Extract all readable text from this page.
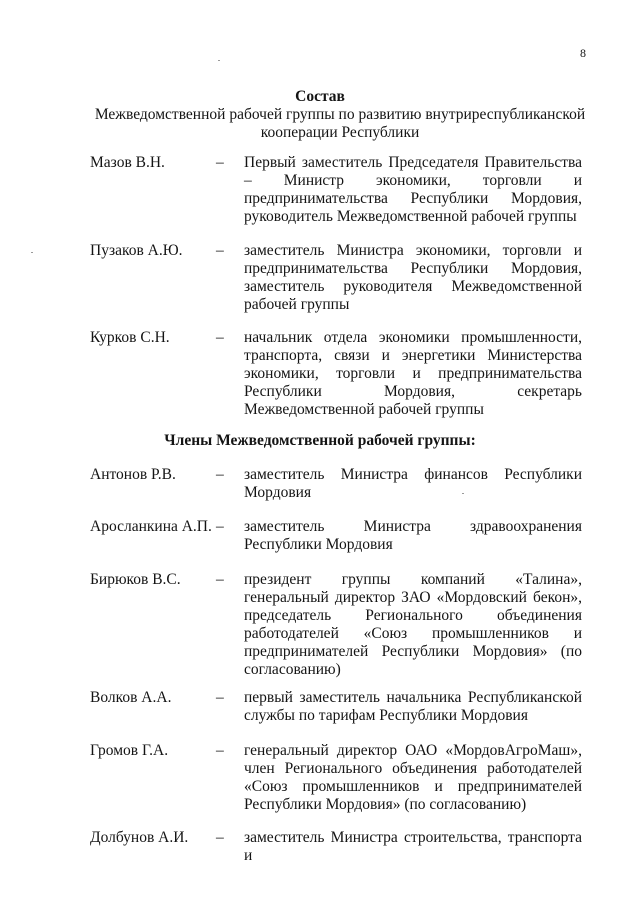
8
Состав
Межведомственной рабочей группы по развитию внутриреспубликанской кооперации Республики
Мазов В.Н.	– Первый заместитель Председателя Правительства – Министр экономики, торговли и предпринимательства Республики Мордовия, руководитель Межведомственной рабочей группы
Пузаков А.Ю. – заместитель Министра экономики, торговли и предпринимательства Республики Мордовия, заместитель руководителя Межведомственной рабочей группы
Курков С.Н.	– начальник отдела экономики промышленности, транспорта, связи и энергетики Министерства экономики, торговли и предпринимательства Республики Мордовия, секретарь Межведомственной рабочей группы
Члены Межведомственной рабочей группы:
Антонов Р.В.	– заместитель Министра финансов Республики Мордовия
Аросланкина А.П. – заместитель Министра здравоохранения Республики Мордовия
Бирюков В.С. – президент группы компаний «Талина», генеральный директор ЗАО «Мордовский бекон», председатель Регионального объединения работодателей «Союз промышленников и предпринимателей Республики Мордовия» (по согласованию)
Волков А.А.	– первый заместитель начальника Республиканской службы по тарифам Республики Мордовия
Громов Г.А.	– генеральный директор ОАО «МордовАгроМаш», член Регионального объединения работодателей «Союз промышленников и предпринимателей Республики Мордовия» (по согласованию)
Долбунов А.И. – заместитель Министра строительства, транспорта и
